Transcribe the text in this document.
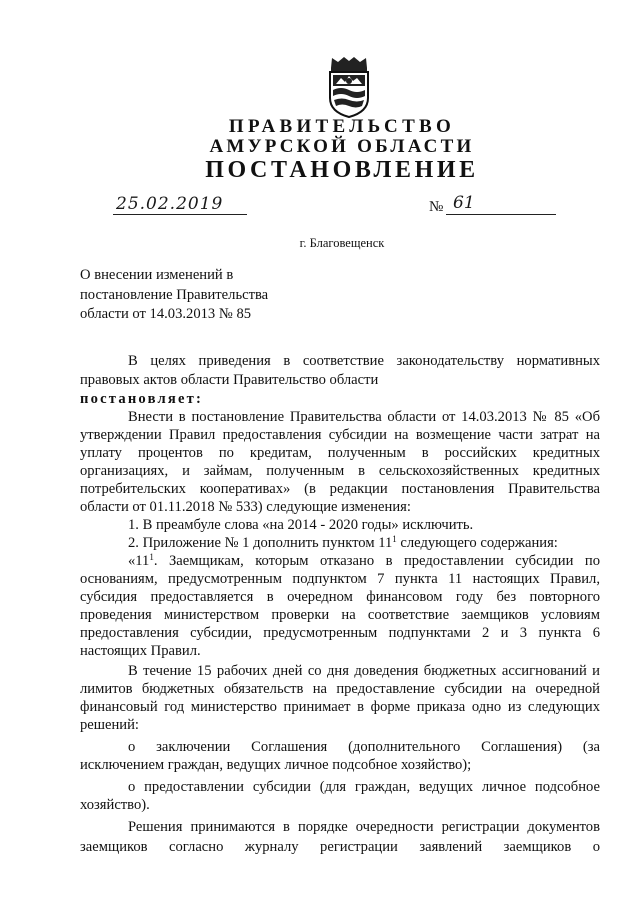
ПРАВИТЕЛЬСТВО
АМУРСКОЙ ОБЛАСТИ
ПОСТАНОВЛЕНИЕ
25.02.2019	№ 61
г. Благовещенск
О внесении изменений в
постановление Правительства
области от 14.03.2013 № 85
В целях приведения в соответствие законодательству нормативных
правовых актов области Правительство области
постановляет:
Внести в постановление Правительства области от 14.03.2013 № 85 «Об
утверждении Правил предоставления субсидии на возмещение части затрат на
уплату процентов по кредитам, полученным в российских кредитных
организациях, и займам, полученным в сельскохозяйственных кредитных
потребительских кооперативах» (в редакции постановления Правительства
области от 01.11.2018 № 533) следующие изменения:
1. В преамбуле слова «на 2014 - 2020 годы» исключить.
2. Приложение № 1 дополнить пунктом $11^1$ следующего содержания:
«$11^1$. Заемщикам, которым отказано в предоставлении субсидии по
основаниям, предусмотренным подпунктом 7 пункта 11 настоящих Правил,
субсидия предоставляется в очередном финансовом году без повторного
проведения министерством проверки на соответствие заемщиков условиям
предоставления субсидии, предусмотренным подпунктами 2 и 3 пункта 6
настоящих Правил.
В течение 15 рабочих дней со дня доведения бюджетных ассигнований и
лимитов бюджетных обязательств на предоставление субсидии на очередной
финансовый год министерство принимает в форме приказа одно из следующих
решений:
о заключении Соглашения (дополнительного Соглашения) (за
исключением граждан, ведущих личное подсобное хозяйство);
о предоставлении субсидии (для граждан, ведущих личное подсобное
хозяйство).
Решения принимаются в порядке очередности регистрации документов
заемщиков согласно журналу регистрации заявлений заемщиков о
